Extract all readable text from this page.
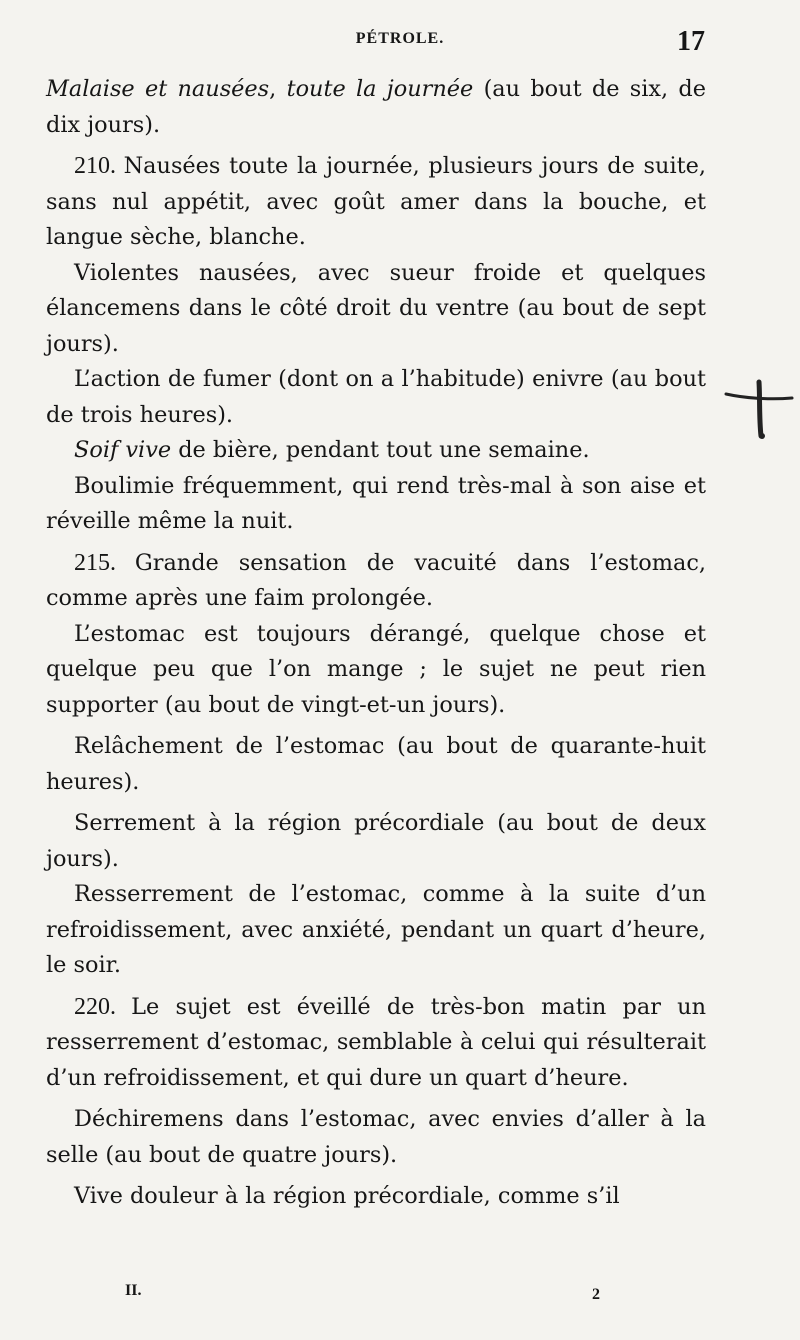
PÉTROLE.	17

Malaise et nausées, toute la journée (au bout de six, de dix jours).

210. Nausées toute la journée, plusieurs jours de suite, sans nul appétit, avec goût amer dans la bouche, et langue sèche, blanche.

Violentes nausées, avec sueur froide et quelques élancemens dans le côté droit du ventre (au bout de sept jours).

L’action de fumer (dont on a l’habitude) enivre (au bout de trois heures).

Soif vive de bière, pendant tout une semaine.

Boulimie fréquemment, qui rend très-mal à son aise et réveille même la nuit.

215. Grande sensation de vacuité dans l’estomac, comme après une faim prolongée.

L’estomac est toujours dérangé, quelque chose et quelque peu que l’on mange ; le sujet ne peut rien supporter (au bout de vingt-et-un jours).

Relâchement de l’estomac (au bout de quarante-huit heures).

Serrement à la région précordiale (au bout de deux jours).

Resserrement de l’estomac, comme à la suite d’un refroidissement, avec anxiété, pendant un quart d’heure, le soir.

220. Le sujet est éveillé de très-bon matin par un resserrement d’estomac, semblable à celui qui résulterait d’un refroidissement, et qui dure un quart d’heure.

Déchiremens dans l’estomac, avec envies d’aller à la selle (au bout de quatre jours).

Vive douleur à la région précordiale, comme s’il

II.	2
